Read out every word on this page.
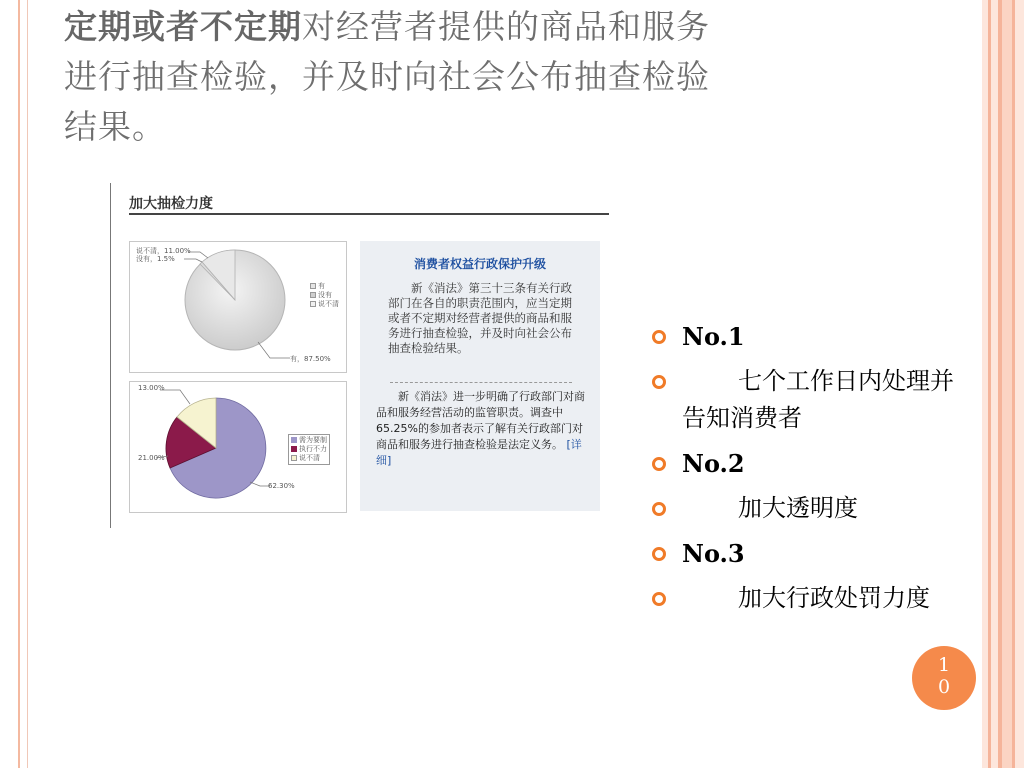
定期或者不定期对经营者提供的商品和服务
进行抽查检验，并及时向社会公布抽查检验
结果。
加大抽检力度
说不清，11.00%
没有，1.5%
有，87.50%
有
没有
说不清
13.00%
21.00%
62.30%
需为要制
执行不力
说不清
消费者权益行政保护升级
新《消法》第三十三条有关行政部门在各自的职责范围内，应当定期或者不定期对经营者提供的商品和服务进行抽查检验，并及时向社会公布抽查检验结果。
新《消法》进一步明确了行政部门对商品和服务经营活动的监管职责。调查中65.25%的参加者表示了解有关行政部门对商品和服务进行抽查检验是法定义务。 [详细]
No.1
七个工作日内处理并告知消费者
No.2
加大透明度
No.3
加大行政处罚力度
1
0
